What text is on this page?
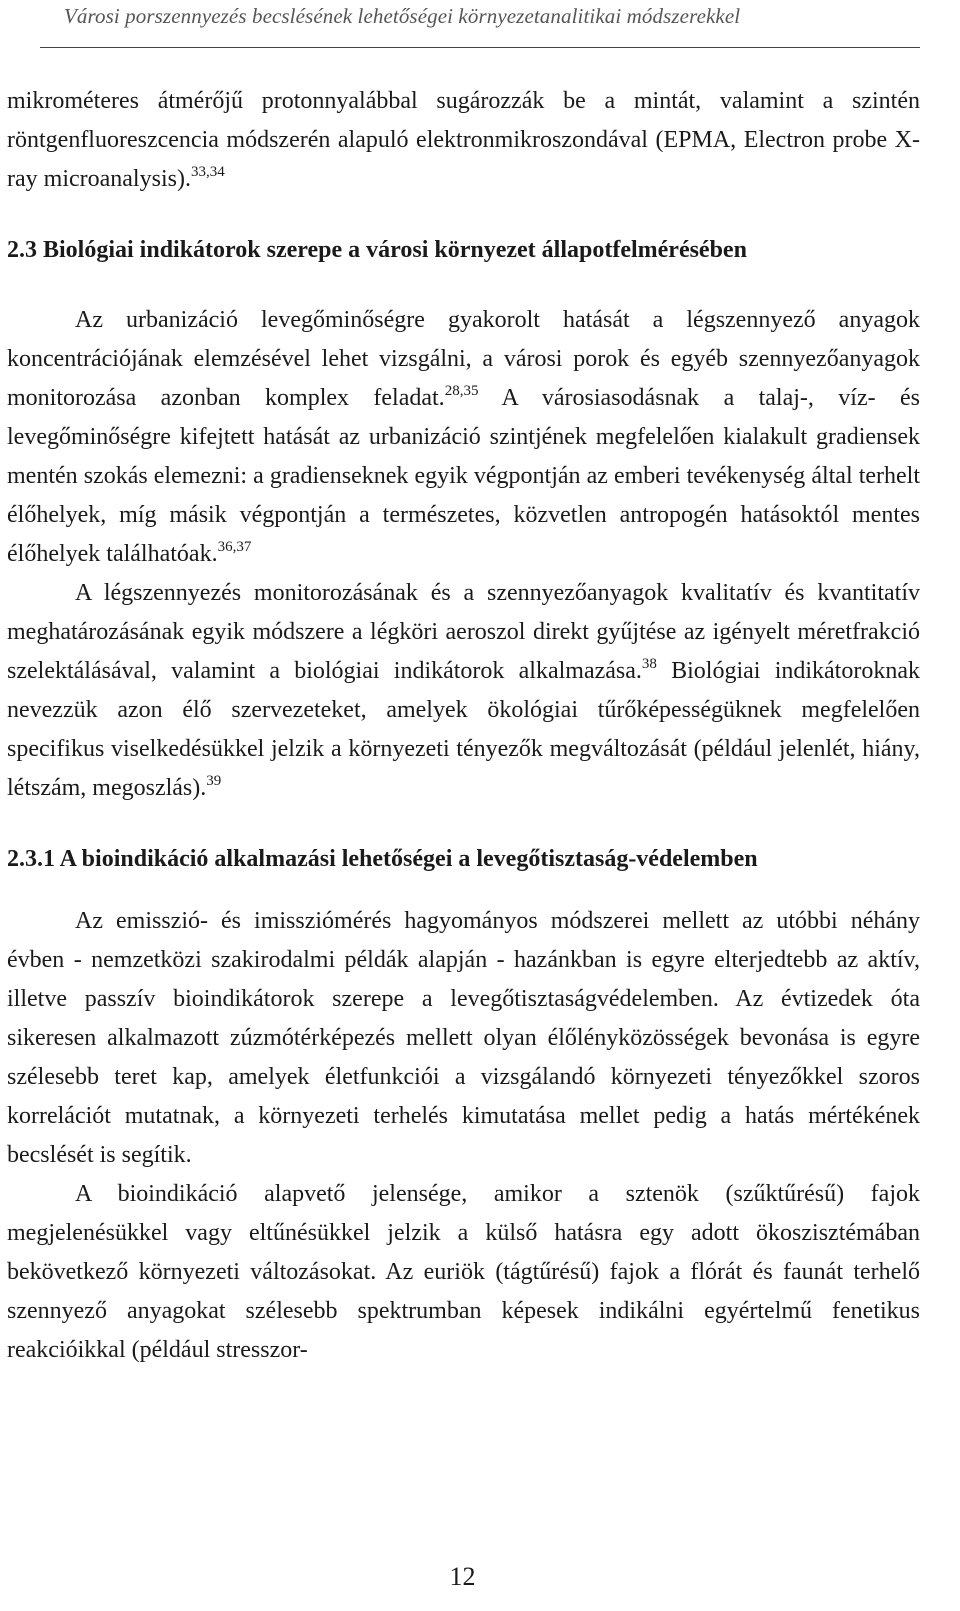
Városi porszennyezés becslésének lehetőségei környezetanalitikai módszerekkel

mikrométeres átmérőjű protonnyalábbal sugározzák be a mintát, valamint a szintén röntgenfluoreszcencia módszerén alapuló elektronmikroszondával (EPMA, Electron probe X-ray microanalysis).$^{33,34}$

2.3 Biológiai indikátorok szerepe a városi környezet állapotfelmérésében

Az urbanizáció levegőminőségre gyakorolt hatását a légszennyező anyagok koncentrációjának elemzésével lehet vizsgálni, a városi porok és egyéb szennyezőanyagok monitorozása azonban komplex feladat.$^{28,35}$ A városiasodásnak a talaj-, víz- és levegőminőségre kifejtett hatását az urbanizáció szintjének megfelelően kialakult gradiensek mentén szokás elemezni: a gradienseknek egyik végpontján az emberi tevékenység által terhelt élőhelyek, míg másik végpontján a természetes, közvetlen antropogén hatásoktól mentes élőhelyek találhatóak.$^{36,37}$

A légszennyezés monitorozásának és a szennyezőanyagok kvalitatív és kvantitatív meghatározásának egyik módszere a légköri aeroszol direkt gyűjtése az igényelt méretfrakció szelektálásával, valamint a biológiai indikátorok alkalmazása.$^{38}$ Biológiai indikátoroknak nevezzük azon élő szervezeteket, amelyek ökológiai tűrőképességüknek megfelelően specifikus viselkedésükkel jelzik a környezeti tényezők megváltozását (például jelenlét, hiány, létszám, megoszlás).$^{39}$

2.3.1 A bioindikáció alkalmazási lehetőségei a levegőtisztaság-védelemben

Az emisszió- és imissziómérés hagyományos módszerei mellett az utóbbi néhány évben - nemzetközi szakirodalmi példák alapján - hazánkban is egyre elterjedtebb az aktív, illetve passzív bioindikátorok szerepe a levegőtisztaságvédelemben. Az évtizedek óta sikeresen alkalmazott zúzmótérképezés mellett olyan élőlényközösségek bevonása is egyre szélesebb teret kap, amelyek életfunkciói a vizsgálandó környezeti tényezőkkel szoros korrelációt mutatnak, a környezeti terhelés kimutatása mellet pedig a hatás mértékének becslését is segítik.

A bioindikáció alapvető jelensége, amikor a sztenök (szűktűrésű) fajok megjelenésükkel vagy eltűnésükkel jelzik a külső hatásra egy adott ökoszisztémában bekövetkező környezeti változásokat. Az euriök (tágtűrésű) fajok a flórát és faunát terhelő szennyező anyagokat szélesebb spektrumban képesek indikálni egyértelmű fenetikus reakcióikkal (például stresszor-

12
